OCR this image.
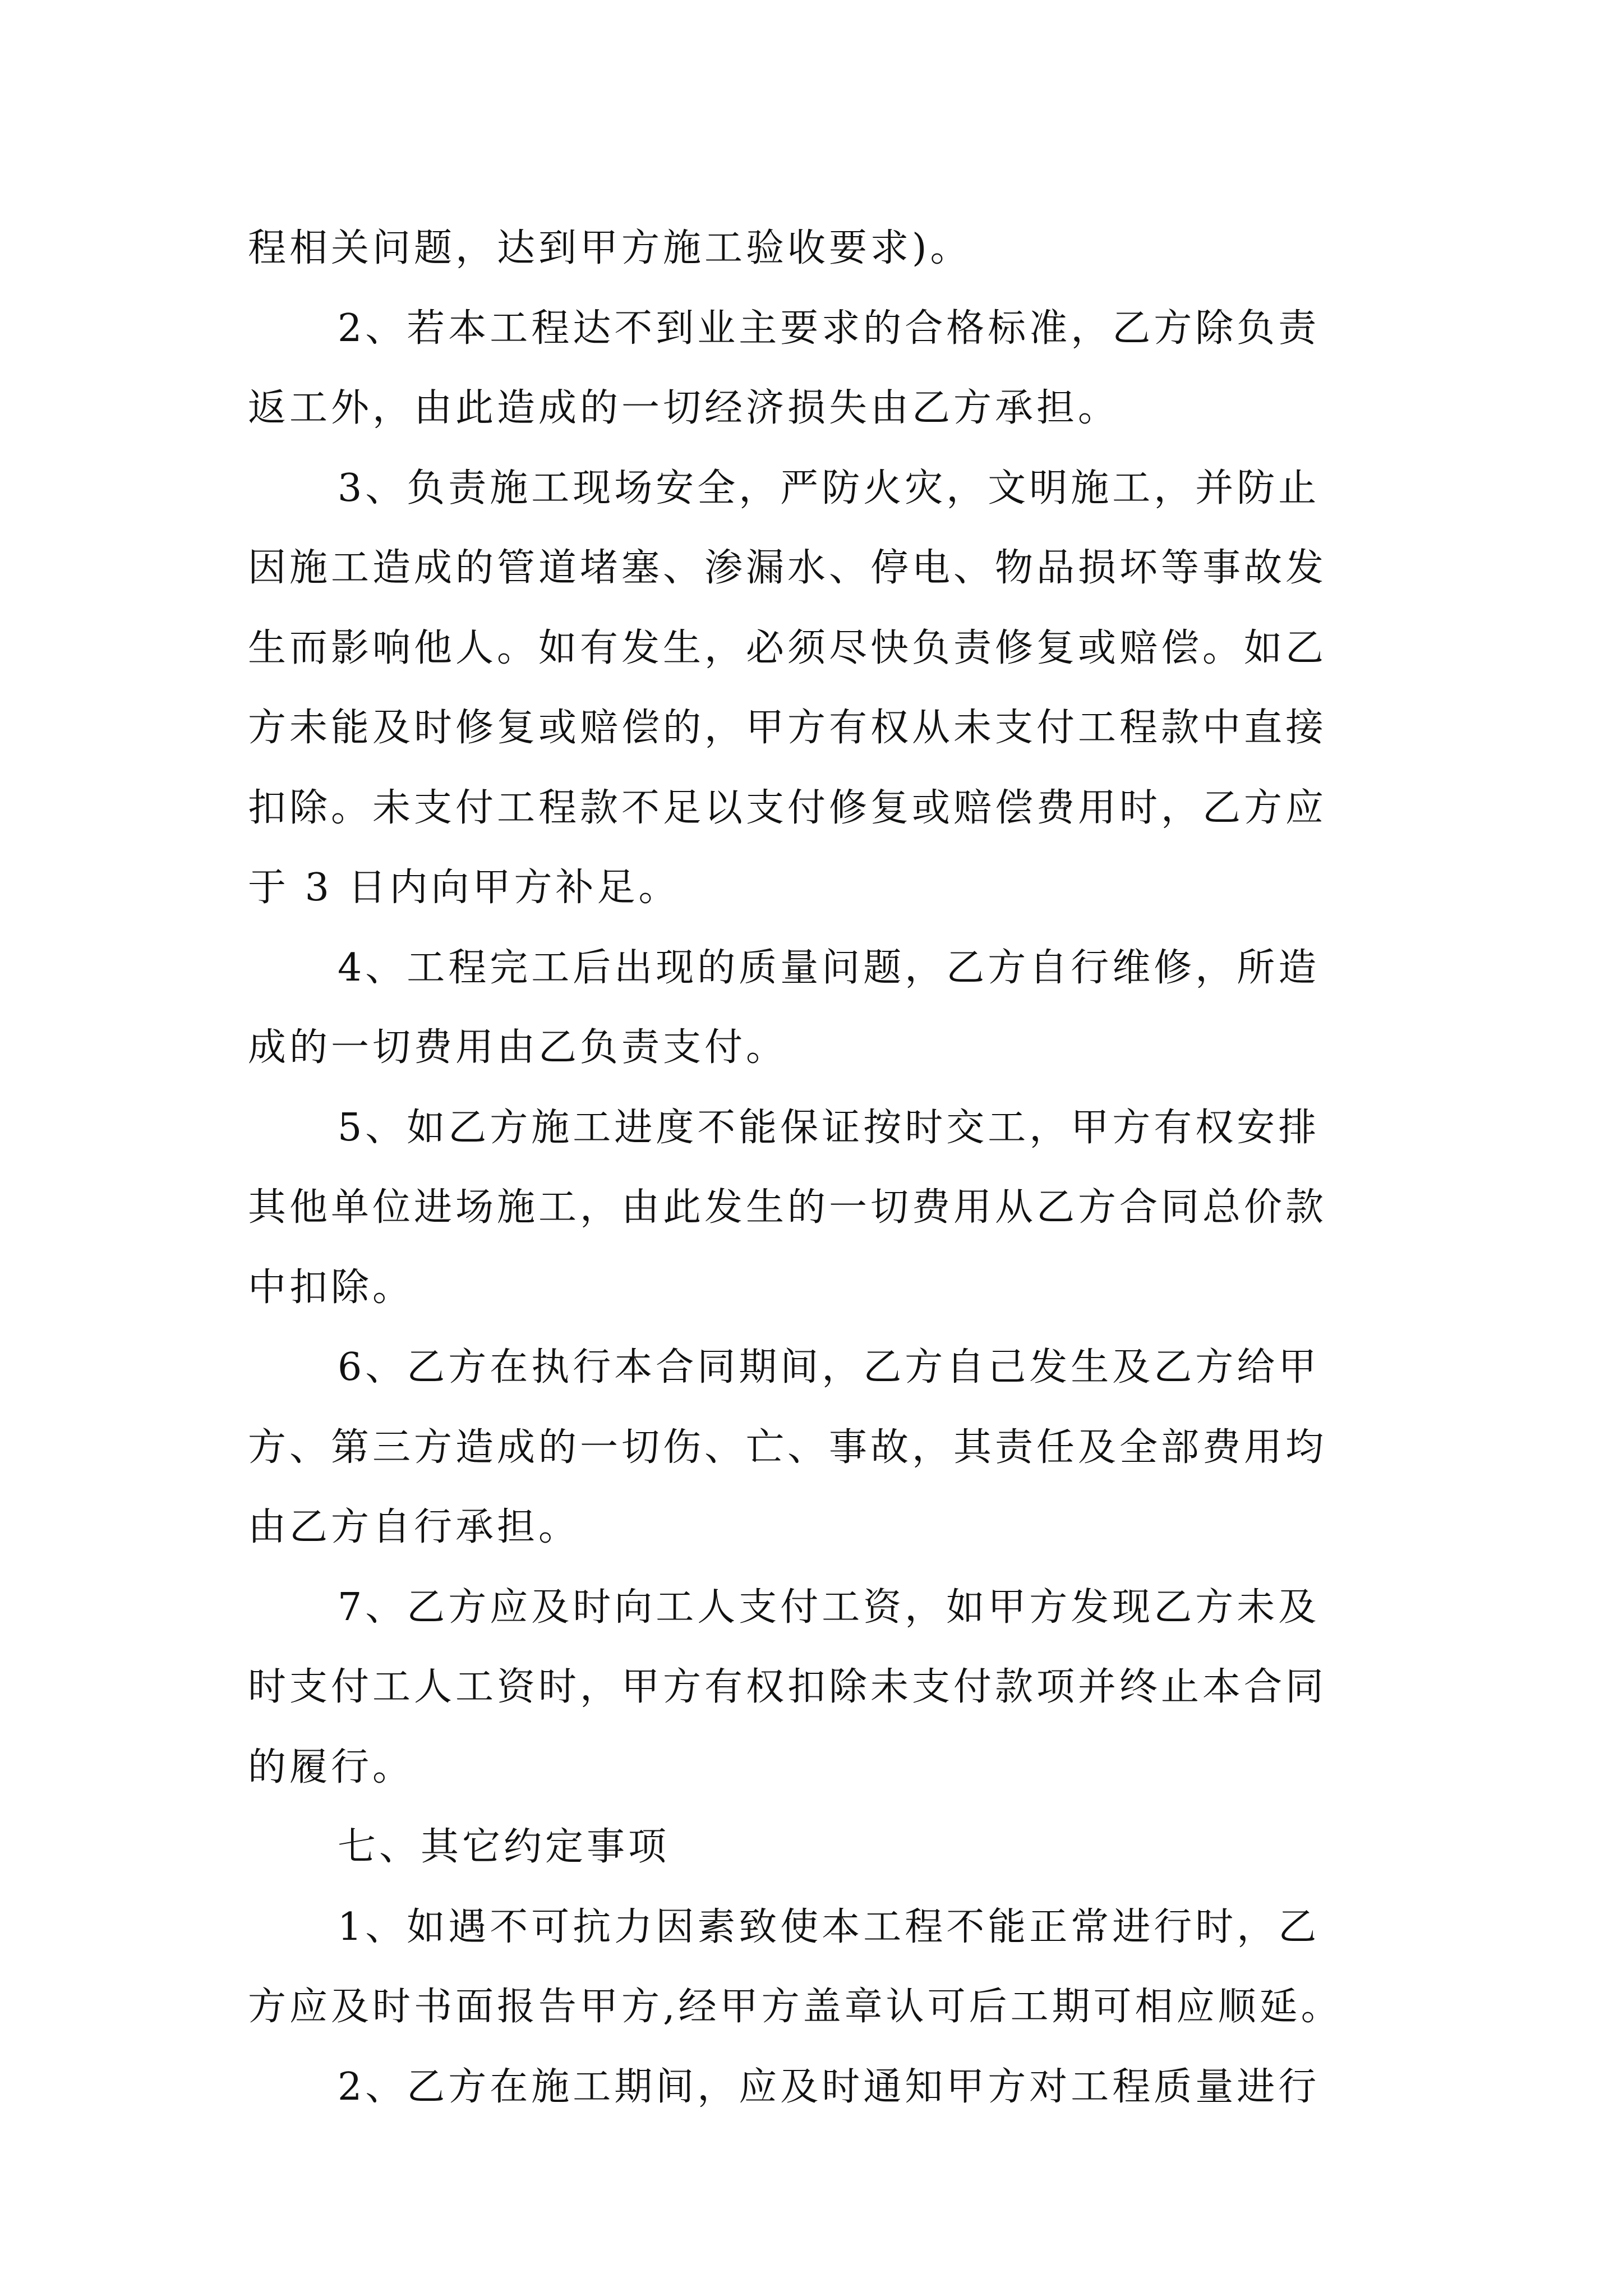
程相关问题，达到甲方施工验收要求)。
2、若本工程达不到业主要求的合格标准，乙方除负责
返工外，由此造成的一切经济损失由乙方承担。
3、负责施工现场安全，严防火灾，文明施工，并防止
因施工造成的管道堵塞、渗漏水、停电、物品损坏等事故发
生而影响他人。如有发生，必须尽快负责修复或赔偿。如乙
方未能及时修复或赔偿的，甲方有权从未支付工程款中直接
扣除。未支付工程款不足以支付修复或赔偿费用时，乙方应
于 3 日内向甲方补足。
4、工程完工后出现的质量问题，乙方自行维修，所造
成的一切费用由乙负责支付。
5、如乙方施工进度不能保证按时交工，甲方有权安排
其他单位进场施工，由此发生的一切费用从乙方合同总价款
中扣除。
6、乙方在执行本合同期间，乙方自己发生及乙方给甲
方、第三方造成的一切伤、亡、事故，其责任及全部费用均
由乙方自行承担。
7、乙方应及时向工人支付工资，如甲方发现乙方未及
时支付工人工资时，甲方有权扣除未支付款项并终止本合同
的履行。
七、其它约定事项
1、如遇不可抗力因素致使本工程不能正常进行时，乙
方应及时书面报告甲方,经甲方盖章认可后工期可相应顺延。
2、乙方在施工期间，应及时通知甲方对工程质量进行
